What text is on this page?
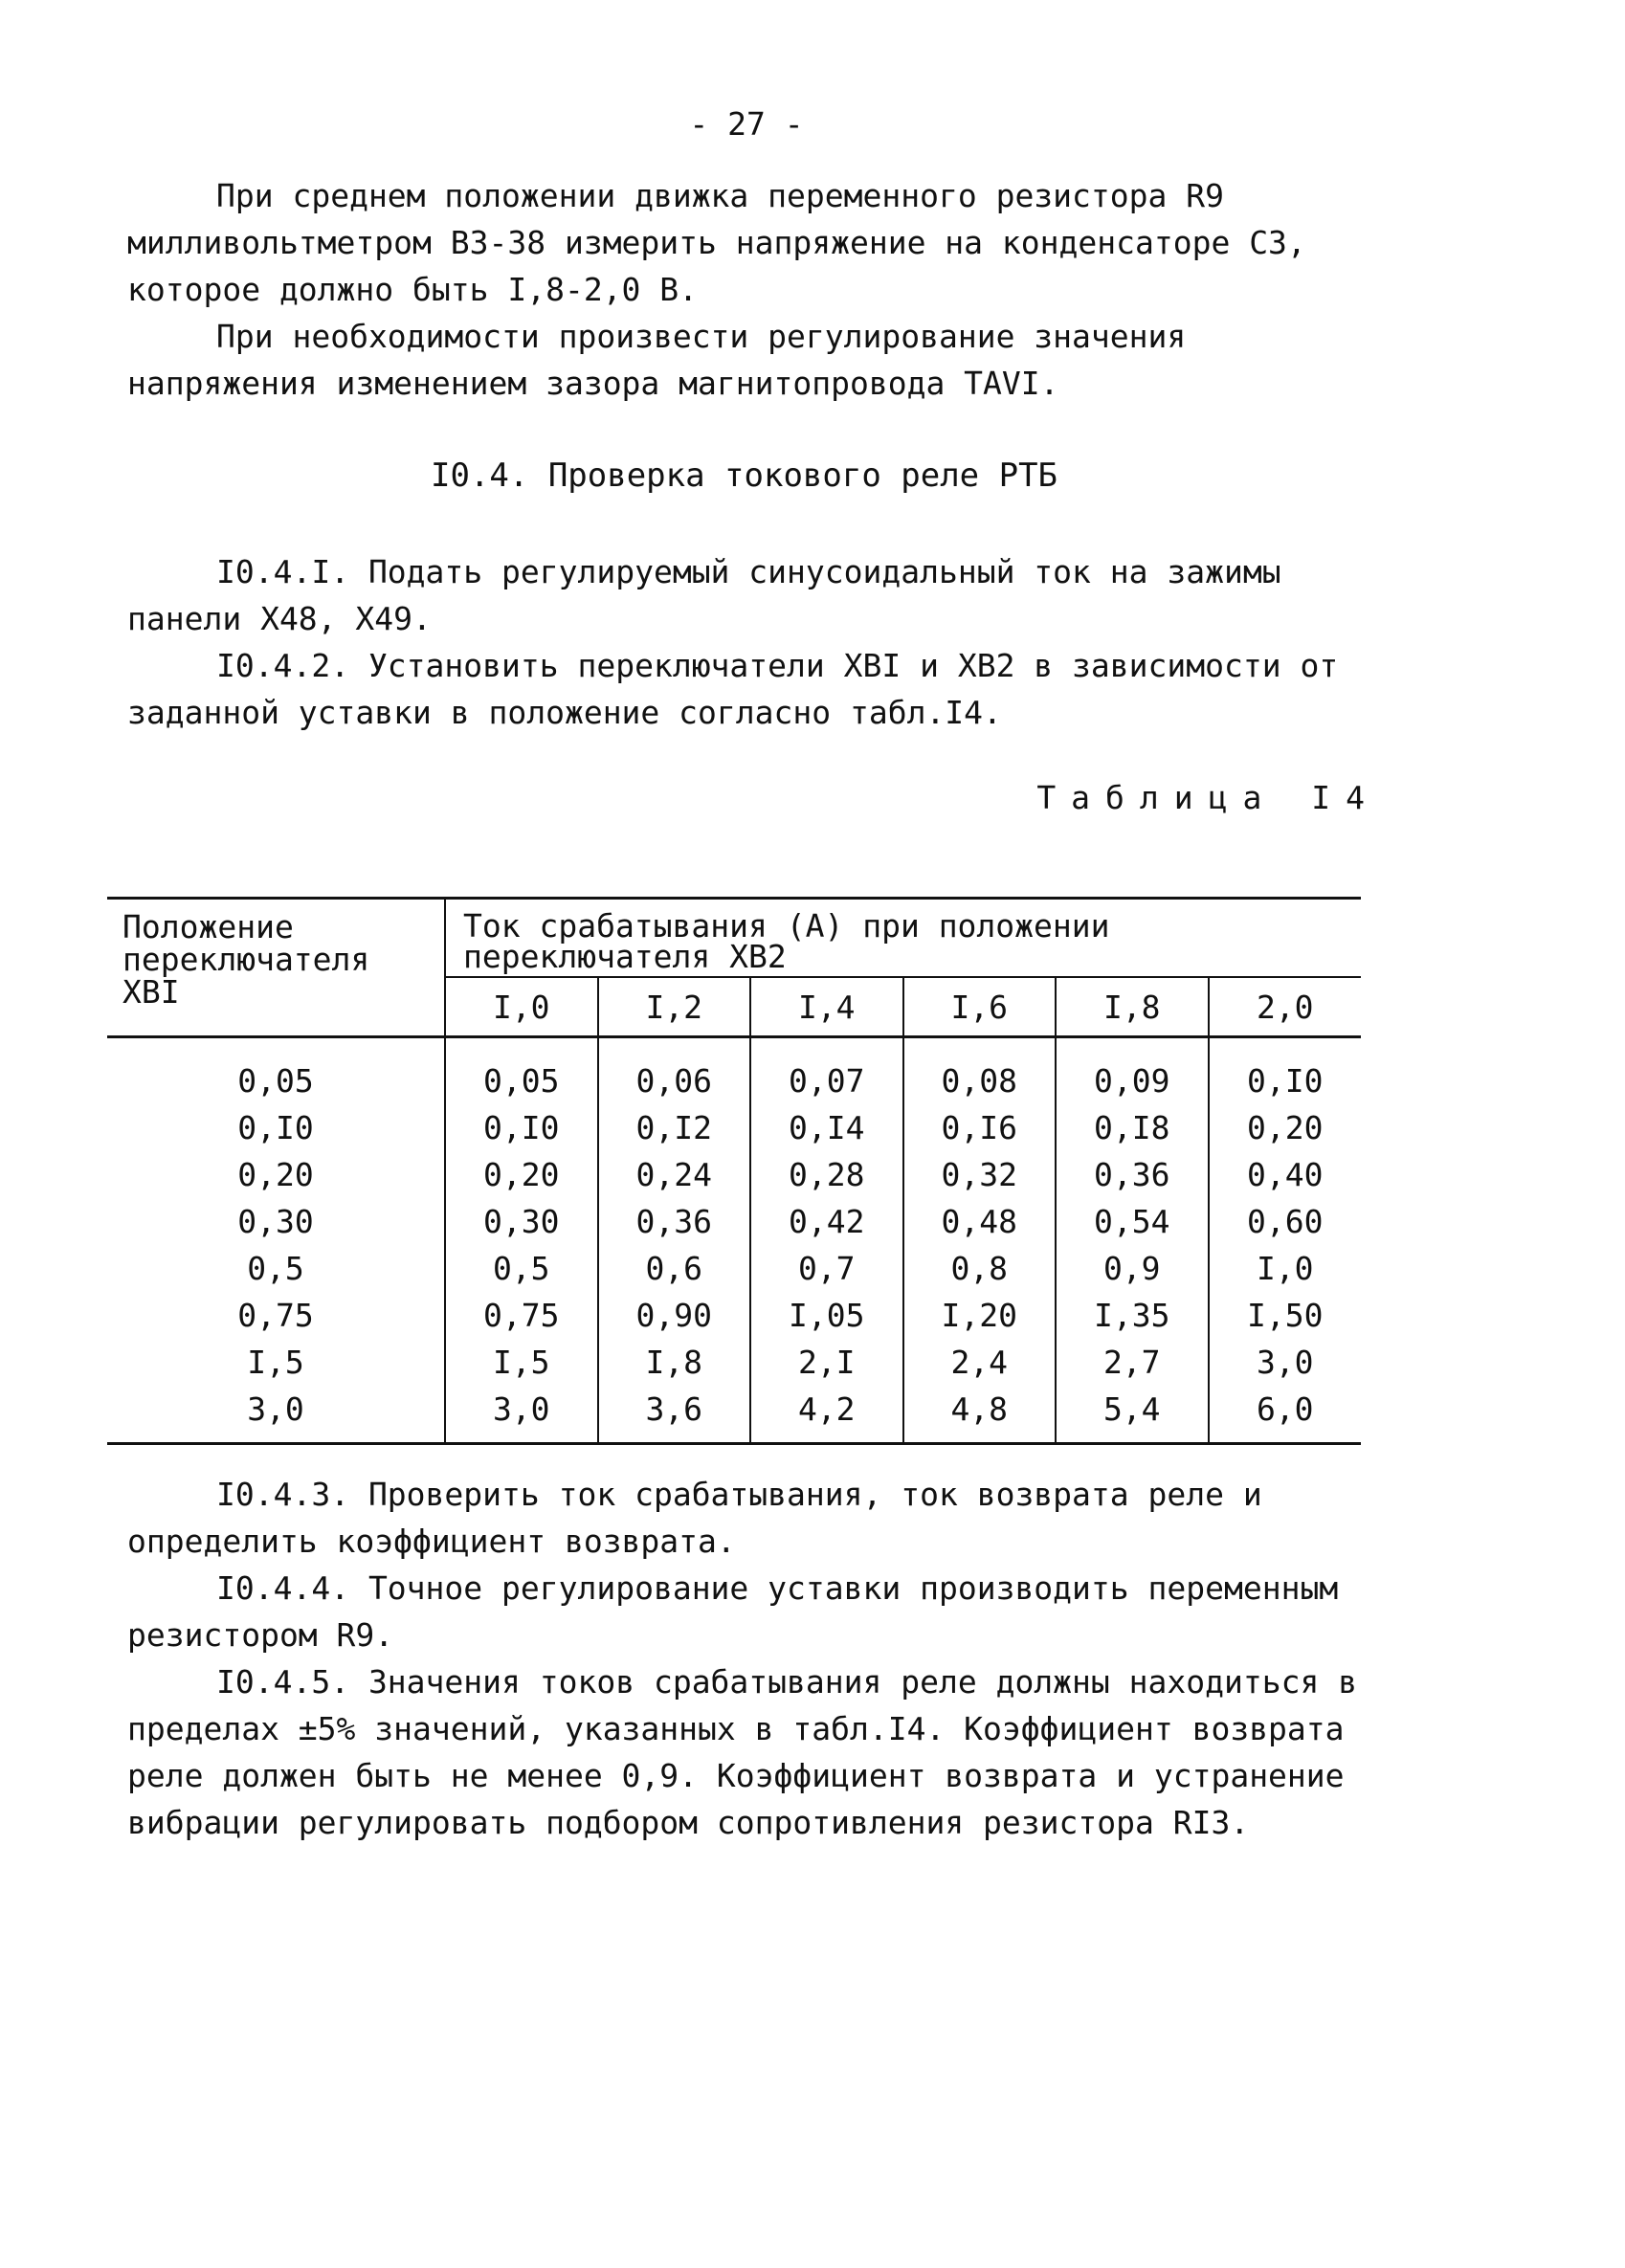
- 27 -

При среднем положении движка переменного резистора R9 милливольтметром В3-38 измерить напряжение на конденсаторе С3, которое должно быть I,8-2,0 В.

При необходимости произвести регулирование значения напряжения изменением зазора магнитопровода TAVI.

I0.4. Проверка токового реле РТБ

I0.4.I. Подать регулируемый синусоидальный ток на зажимы панели Х48, Х49.

I0.4.2. Установить переключатели ХВI и ХВ2 в зависимости от заданной уставки в положение согласно табл.I4.

Таблица I4

Положение переключателя ХВI	Ток срабатывания (А) при положении переключателя ХВ2					
	I,0	I,2	I,4	I,6	I,8	2,0
0,05	0,05	0,06	0,07	0,08	0,09	0,I0
0,I0	0,I0	0,I2	0,I4	0,I6	0,I8	0,20
0,20	0,20	0,24	0,28	0,32	0,36	0,40
0,30	0,30	0,36	0,42	0,48	0,54	0,60
0,5	0,5	0,6	0,7	0,8	0,9	I,0
0,75	0,75	0,90	I,05	I,20	I,35	I,50
I,5	I,5	I,8	2,I	2,4	2,7	3,0
3,0	3,0	3,6	4,2	4,8	5,4	6,0

I0.4.3. Проверить ток срабатывания, ток возврата реле и определить коэффициент возврата.

I0.4.4. Точное регулирование уставки производить переменным резистором R9.

I0.4.5. Значения токов срабатывания реле должны находиться в пределах ±5% значений, указанных в табл.I4. Коэффициент возврата реле должен быть не менее 0,9. Коэффициент возврата и устранение вибрации регулировать подбором сопротивления резистора RI3.
